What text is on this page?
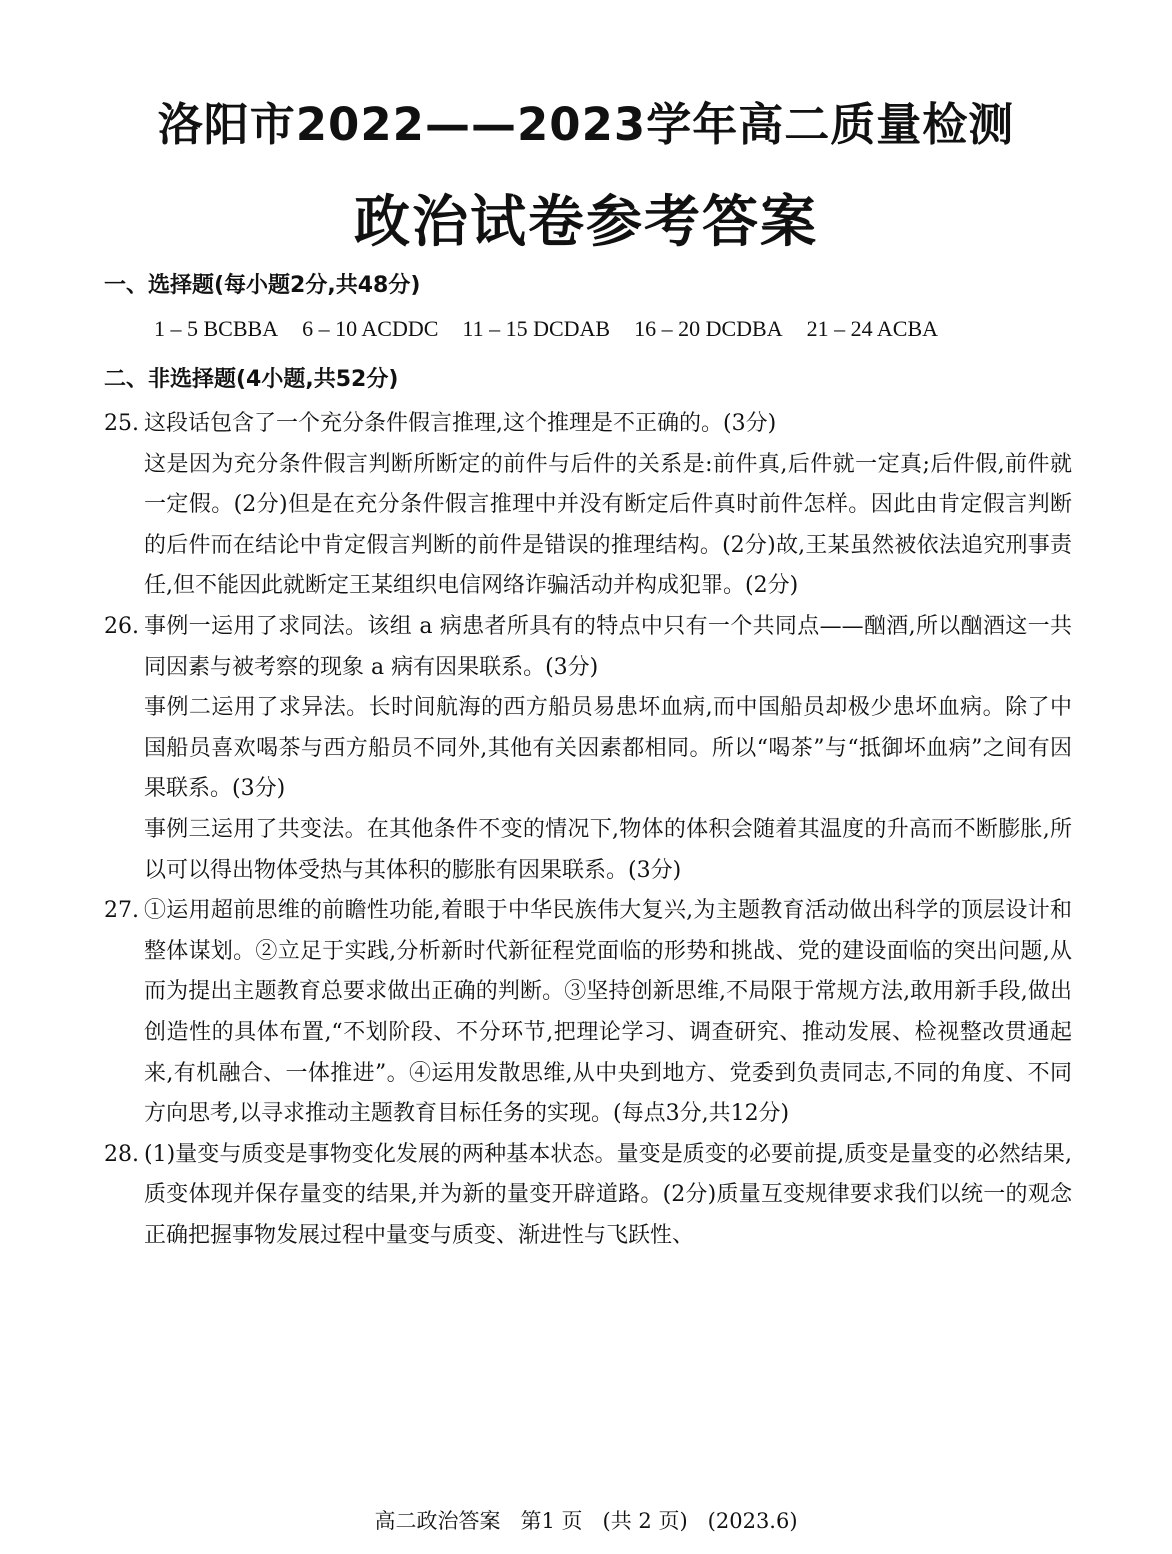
洛阳市2022——2023学年高二质量检测
政治试卷参考答案
一、选择题(每小题2分,共48分)
1 – 5 BCBBA 6 – 10 ACDDC 11 – 15 DCDAB 16 – 20 DCDBA 21 – 24 ACBA
二、非选择题(4小题,共52分)
25. 这段话包含了一个充分条件假言推理,这个推理是不正确的。(3分)
这是因为充分条件假言判断所断定的前件与后件的关系是:前件真,后件就一定真;后件假,前件就一定假。(2分)但是在充分条件假言推理中并没有断定后件真时前件怎样。因此由肯定假言判断的后件而在结论中肯定假言判断的前件是错误的推理结构。(2分)故,王某虽然被依法追究刑事责任,但不能因此就断定王某组织电信网络诈骗活动并构成犯罪。(2分)
26. 事例一运用了求同法。该组 a 病患者所具有的特点中只有一个共同点——酗酒,所以酗酒这一共同因素与被考察的现象 a 病有因果联系。(3分)
事例二运用了求异法。长时间航海的西方船员易患坏血病,而中国船员却极少患坏血病。除了中国船员喜欢喝茶与西方船员不同外,其他有关因素都相同。所以“喝茶”与“抵御坏血病”之间有因果联系。(3分)
事例三运用了共变法。在其他条件不变的情况下,物体的体积会随着其温度的升高而不断膨胀,所以可以得出物体受热与其体积的膨胀有因果联系。(3分)
27. ①运用超前思维的前瞻性功能,着眼于中华民族伟大复兴,为主题教育活动做出科学的顶层设计和整体谋划。②立足于实践,分析新时代新征程党面临的形势和挑战、党的建设面临的突出问题,从而为提出主题教育总要求做出正确的判断。③坚持创新思维,不局限于常规方法,敢用新手段,做出创造性的具体布置,“不划阶段、不分环节,把理论学习、调查研究、推动发展、检视整改贯通起来,有机融合、一体推进”。④运用发散思维,从中央到地方、党委到负责同志,不同的角度、不同方向思考,以寻求推动主题教育目标任务的实现。(每点3分,共12分)
28. (1)量变与质变是事物变化发展的两种基本状态。量变是质变的必要前提,质变是量变的必然结果,质变体现并保存量变的结果,并为新的量变开辟道路。(2分)质量互变规律要求我们以统一的观念正确把握事物发展过程中量变与质变、渐进性与飞跃性、
高二政治答案   第1 页   (共 2 页)   (2023.6)
